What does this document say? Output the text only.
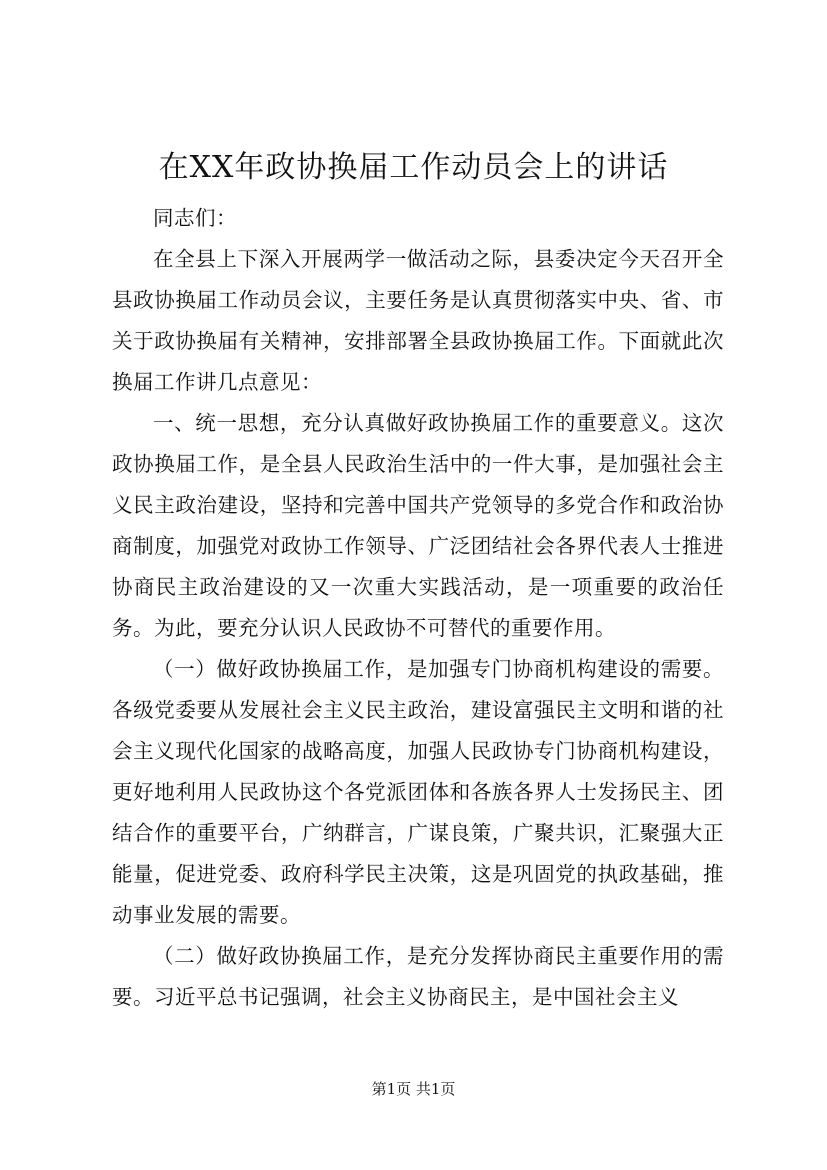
在XX年政协换届工作动员会上的讲话

同志们：

在全县上下深入开展两学一做活动之际，县委决定今天召开全县政协换届工作动员会议，主要任务是认真贯彻落实中央、省、市关于政协换届有关精神，安排部署全县政协换届工作。下面就此次换届工作讲几点意见：

一、统一思想，充分认真做好政协换届工作的重要意义。这次政协换届工作，是全县人民政治生活中的一件大事，是加强社会主义民主政治建设，坚持和完善中国共产党领导的多党合作和政治协商制度，加强党对政协工作领导、广泛团结社会各界代表人士推进协商民主政治建设的又一次重大实践活动，是一项重要的政治任务。为此，要充分认识人民政协不可替代的重要作用。

（一）做好政协换届工作，是加强专门协商机构建设的需要。各级党委要从发展社会主义民主政治，建设富强民主文明和谐的社会主义现代化国家的战略高度，加强人民政协专门协商机构建设，更好地利用人民政协这个各党派团体和各族各界人士发扬民主、团结合作的重要平台，广纳群言，广谋良策，广聚共识，汇聚强大正能量，促进党委、政府科学民主决策，这是巩固党的执政基础，推动事业发展的需要。

（二）做好政协换届工作，是充分发挥协商民主重要作用的需要。习近平总书记强调，社会主义协商民主，是中国社会主义

第1页 共1页
